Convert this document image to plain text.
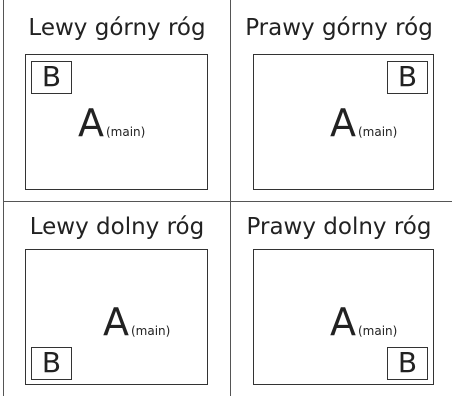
Lewy górny róg
B
A (main)
Prawy górny róg
B
A (main)
Lewy dolny róg
B
A (main)
Prawy dolny róg
B
A (main)
